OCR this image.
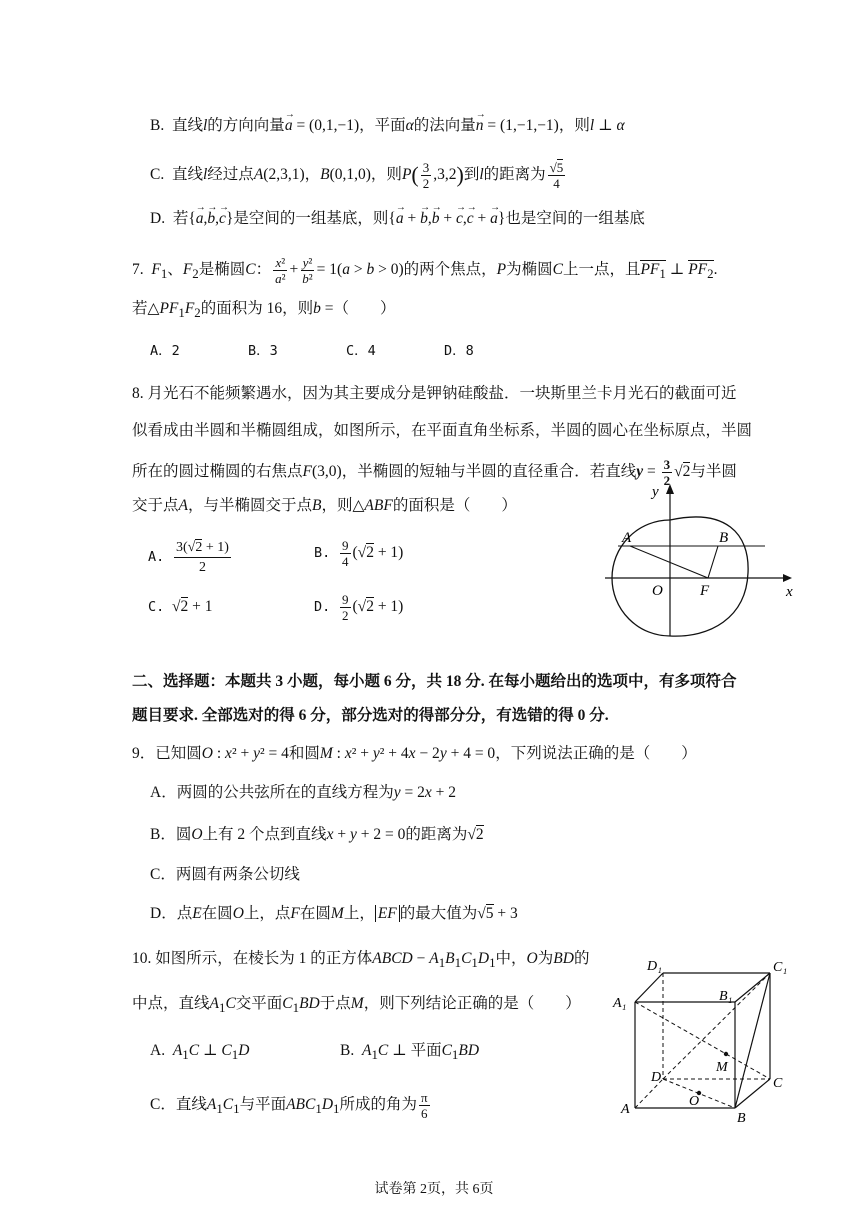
B. 直线l的方向向量→ a = (0,1,−1)，平面α的法向量→ n = (1,−1,−1)，则l ⊥ α
C. 直线l经过点A(2,3,1)，B(0,1,0)，则$P( \frac{3}{2} ,3,2)$到l的距离为 $\frac{√5}{4}$
D. 若{→ a,→ b,→ c}是空间的一组基底，则{→ a + → b,→ b + → c,→ c + → a}也是空间的一组基底
7. $F_1$、$F_2$是椭圆C： $\frac{\text{x²}}{\text{a²}} + \frac{\text{y²}}{\text{b²}} = 1(a > b > 0)$的两个焦点，P为椭圆C上一点，且$PF_1$ ⊥ $PF_2$.
若$\triangle PF_1F_2$的面积为 16，则b =（　　）
A．2	B．3	C．4	D．8
8. 月光石不能频繁遇水，因为其主要成分是钾钠硅酸盐．一块斯里兰卡月光石的截面可近
似看成由半圆和半椭圆组成，如图所示，在平面直角坐标系，半圆的圆心在坐标原点，半圆
所在的圆过椭圆的右焦点F(3,0)，半椭圆的短轴与半圆的直径重合．若直线$y = \frac{3}{2} √2$与半圆
交于点A，与半椭圆交于点B，则△ABF的面积是（　　）
A. $\frac{3(√2 + 1)}{2}$	B. $\frac{9}{4} (√2 + 1)$
C.  √2 + 1	D. $\frac{9}{2} (√2 + 1)$
x
y
A	B
O F
二、选择题：本题共 3 小题，每小题 6 分，共 18 分. 在每小题给出的选项中，有多项符合
题目要求. 全部选对的得 6 分，部分选对的得部分分，有选错的得 0 分.
9．已知圆O : x² + y² = 4和圆M : x² + y² + 4x − 2y + 4 = 0，下列说法正确的是（　　）
A．两圆的公共弦所在的直线方程为y = 2x + 2
B．圆O上有 2 个点到直线x + y + 2 = 0的距离为√2
C．两圆有两条公切线
D．点E在圆O上，点F在圆M上， EF 的最大值为√5 + 3
10. 如图所示，在棱长为 1 的正方体ABCD − $A_1B_1C_1D_1$中，O为BD的
中点，直线$A_1C$交平面$C_1BD$于点M，则下列结论正确的是（　　）
A. $A_1C$ ⊥ $C_1D$	B. $A_1C$ ⊥ 平面$C_1BD$
C．直线$A_1C_1$与平面$ABC_1D_1$所成的角为 $\frac{\pi}{6}$
D₁	C₁
A₁	B₁
D	C
M
O
A
B
试卷第 2页，共 6页
